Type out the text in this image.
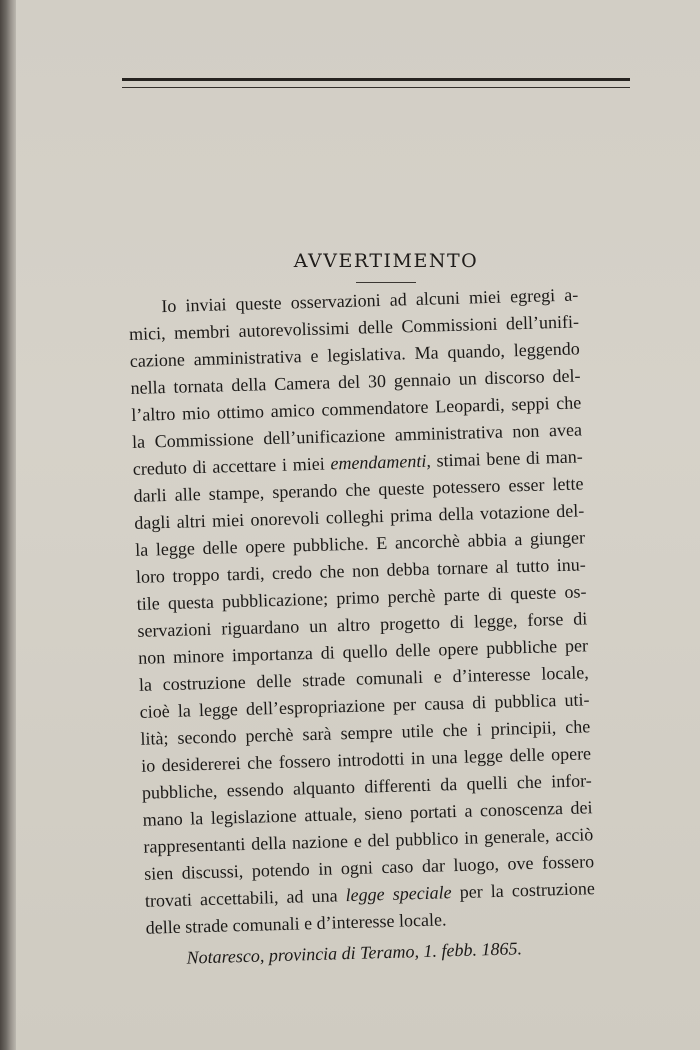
AVVERTIMENTO
Io inviai queste osservazioni ad alcuni miei egregi a-
mici, membri autorevolissimi delle Commissioni dell’unifi-
cazione amministrativa e legislativa. Ma quando, leggendo
nella tornata della Camera del 30 gennaio un discorso del-
l’altro mio ottimo amico commendatore Leopardi, seppi che
la Commissione dell’unificazione amministrativa non avea
creduto di accettare i miei emendamenti, stimai bene di man-
darli alle stampe, sperando che queste potessero esser lette
dagli altri miei onorevoli colleghi prima della votazione del-
la legge delle opere pubbliche. E ancorchè abbia a giunger
loro troppo tardi, credo che non debba tornare al tutto inu-
tile questa pubblicazione; primo perchè parte di queste os-
servazioni riguardano un altro progetto di legge, forse di
non minore importanza di quello delle opere pubbliche per
la costruzione delle strade comunali e d’interesse locale,
cioè la legge dell’espropriazione per causa di pubblica uti-
lità; secondo perchè sarà sempre utile che i principii, che
io desidererei che fossero introdotti in una legge delle opere
pubbliche, essendo alquanto differenti da quelli che infor-
mano la legislazione attuale, sieno portati a conoscenza dei
rappresentanti della nazione e del pubblico in generale, acciò
sien discussi, potendo in ogni caso dar luogo, ove fossero
trovati accettabili, ad una legge speciale per la costruzione
delle strade comunali e d’interesse locale.
Notaresco, provincia di Teramo, 1. febb. 1865.
